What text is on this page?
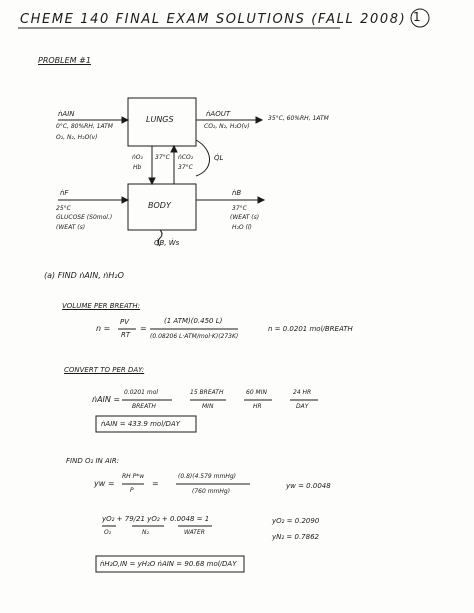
CHEME 140 FINAL EXAM SOLUTIONS (FALL 2008) 1
PROBLEM #1
LUNGS
BODY
ṅAIN
0°C, 80%RH, 1ATM
O₂, N₂, H₂O(v)
ṅAOUT
CO₂, N₂, H₂O(v)
35°C, 60%RH, 1ATM
ṅO₂ 37°C
Hb
ṅCO₂
37°C
Q̇L
ṅF
25°C
GLUCOSE (S0mol.)
(WEAT (s)
ṅB
37°C
(WEAT (s)
H₂O (l)
Q̇B, Ẇs
(a) FIND ṅAIN, ṅH₂O
VOLUME PER BREATH:
n =
PV
RT
=
(1 ATM)(0.450 L)
(0.08206 L·ATM/mol·K)(273K)
n = 0.0201 mol/BREATH
CONVERT TO PER DAY:
ṅAIN =
0.0201 mol
BREATH
15 BREATH
MIN
60 MIN
HR
24 HR
DAY
ṅAIN = 433.9 mol/DAY
FIND O₂ IN AIR:
yw =
RH P*w
P
=
(0.8)(4.579 mmHg)
(760 mmHg)
yw = 0.0048
yO₂ + 79/21 yO₂ + 0.0048 = 1
O₂	N₂	WATER
yO₂ = 0.2090
yN₂ = 0.7862
ṅH₂O,IN = yH₂O ṅAIN = 90.68 mol/DAY
